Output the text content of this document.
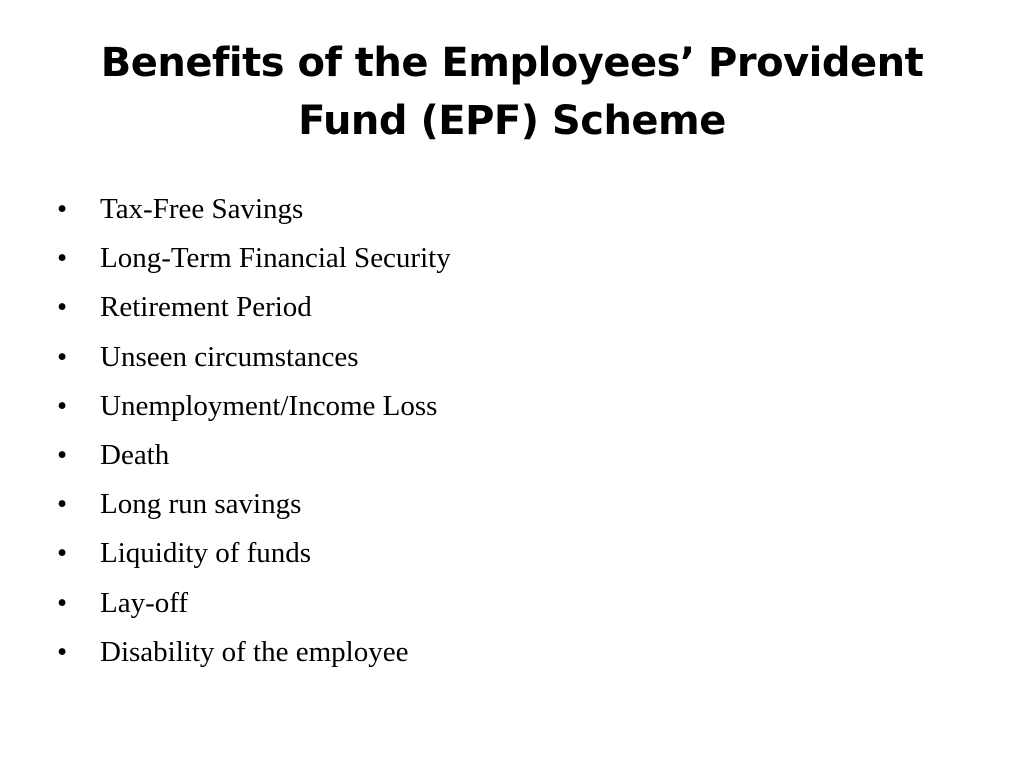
Benefits of the Employees’ Provident
Fund (EPF) Scheme
• Tax-Free Savings
• Long-Term Financial Security
• Retirement Period
• Unseen circumstances
• Unemployment/Income Loss
• Death
• Long run savings
• Liquidity of funds
• Lay-off
• Disability of the employee
